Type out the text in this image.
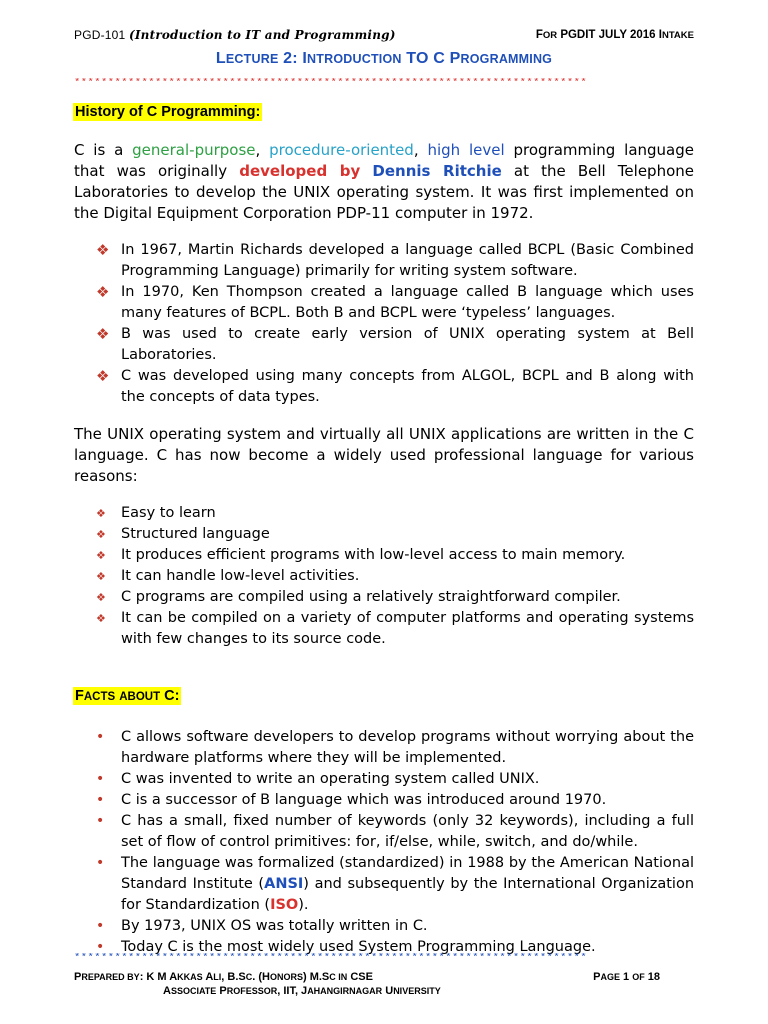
PGD-101 (Introduction to IT and Programming)	FOR PGDIT JULY 2016 INTAKE
LECTURE 2: INTRODUCTION TO C PROGRAMMING
****************************************************************************
History of C Programming:
C is a general-purpose, procedure-oriented, high level programming language that was originally developed by Dennis Ritchie at the Bell Telephone Laboratories to develop the UNIX operating system. It was first implemented on the Digital Equipment Corporation PDP-11 computer in 1972.
❖ In 1967, Martin Richards developed a language called BCPL (Basic Combined Programming Language) primarily for writing system software.
❖ In 1970, Ken Thompson created a language called B language which uses many features of BCPL. Both B and BCPL were ‘typeless’ languages.
❖ B was used to create early version of UNIX operating system at Bell Laboratories.
❖ C was developed using many concepts from ALGOL, BCPL and B along with the concepts of data types.
The UNIX operating system and virtually all UNIX applications are written in the C language. C has now become a widely used professional language for various reasons:
❖ Easy to learn
❖ Structured language
❖ It produces efficient programs with low-level access to main memory.
❖ It can handle low-level activities.
❖ C programs are compiled using a relatively straightforward compiler.
❖ It can be compiled on a variety of computer platforms and operating systems with few changes to its source code.
FACTS ABOUT C:
• C allows software developers to develop programs without worrying about the hardware platforms where they will be implemented.
• C was invented to write an operating system called UNIX.
• C is a successor of B language which was introduced around 1970.
• C has a small, fixed number of keywords (only 32 keywords), including a full set of flow of control primitives: for, if/else, while, switch, and do/while.
• The language was formalized (standardized) in 1988 by the American National Standard Institute (ANSI) and subsequently by the International Organization for Standardization (ISO).
• By 1973, UNIX OS was totally written in C.
• Today C is the most widely used System Programming Language.
****************************************************************************
PREPARED BY: K M AKKAS ALI, B.SC. (HONORS) M.SC IN CSE	PAGE 1 OF 18
ASSOCIATE PROFESSOR, IIT, JAHANGIRNAGAR UNIVERSITY
